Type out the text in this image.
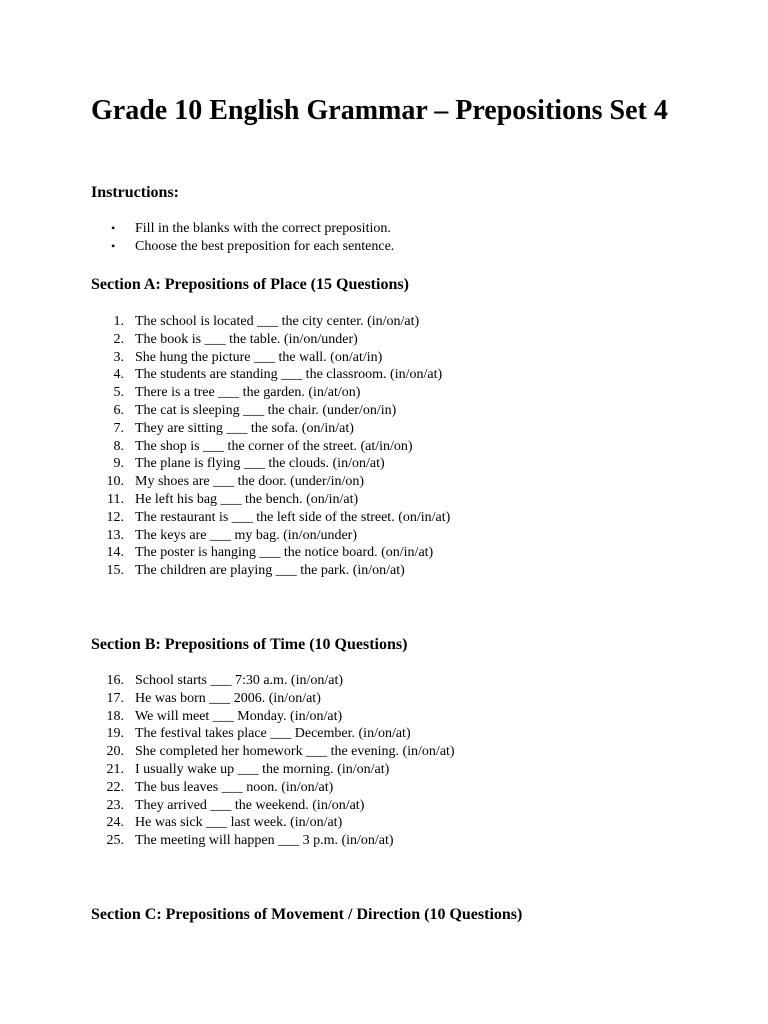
Grade 10 English Grammar – Prepositions Set 4
Instructions:
• Fill in the blanks with the correct preposition.
• Choose the best preposition for each sentence.
Section A: Prepositions of Place (15 Questions)
1. The school is located ___ the city center. (in/on/at)
2. The book is ___ the table. (in/on/under)
3. She hung the picture ___ the wall. (on/at/in)
4. The students are standing ___ the classroom. (in/on/at)
5. There is a tree ___ the garden. (in/at/on)
6. The cat is sleeping ___ the chair. (under/on/in)
7. They are sitting ___ the sofa. (on/in/at)
8. The shop is ___ the corner of the street. (at/in/on)
9. The plane is flying ___ the clouds. (in/on/at)
10. My shoes are ___ the door. (under/in/on)
11. He left his bag ___ the bench. (on/in/at)
12. The restaurant is ___ the left side of the street. (on/in/at)
13. The keys are ___ my bag. (in/on/under)
14. The poster is hanging ___ the notice board. (on/in/at)
15. The children are playing ___ the park. (in/on/at)
Section B: Prepositions of Time (10 Questions)
16. School starts ___ 7:30 a.m. (in/on/at)
17. He was born ___ 2006. (in/on/at)
18. We will meet ___ Monday. (in/on/at)
19. The festival takes place ___ December. (in/on/at)
20. She completed her homework ___ the evening. (in/on/at)
21. I usually wake up ___ the morning. (in/on/at)
22. The bus leaves ___ noon. (in/on/at)
23. They arrived ___ the weekend. (in/on/at)
24. He was sick ___ last week. (in/on/at)
25. The meeting will happen ___ 3 p.m. (in/on/at)
Section C: Prepositions of Movement / Direction (10 Questions)
